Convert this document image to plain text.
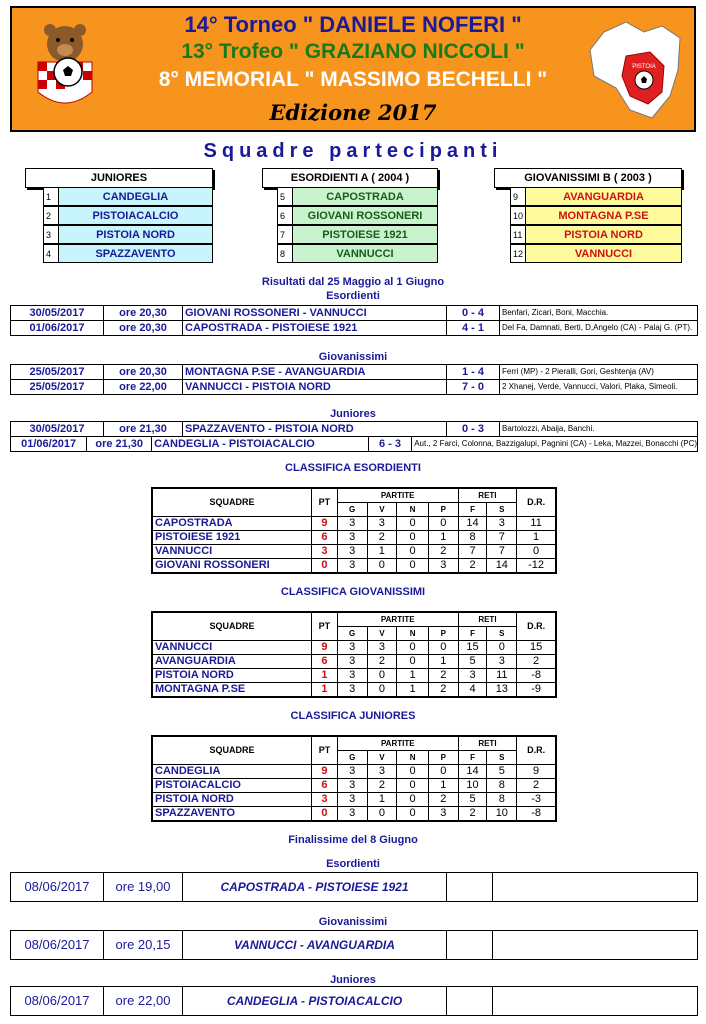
14° Torneo " DANIELE NOFERI "
13° Trofeo " GRAZIANO NICCOLI "
8° MEMORIAL " MASSIMO BECHELLI "
Edizione 2017
PISTOIA
Squadre partecipanti
JUNIORES	ESORDIENTI A ( 2004 )	GIOVANISSIMI B ( 2003 )
1	CANDEGLIA
2	PISTOIACALCIO
3	PISTOIA NORD
4	SPAZZAVENTO
5	CAPOSTRADA
6	GIOVANI ROSSONERI
7	PISTOIESE 1921
8	VANNUCCI
9	AVANGUARDIA
10	MONTAGNA P.SE
11	PISTOIA NORD
12	VANNUCCI
Risultati dal 25 Maggio al 1 Giugno
Esordienti
Giovanissimi
Juniores
30/05/2017	ore 20,30	GIOVANI ROSSONERI - VANNUCCI	0 - 4	Benfari, Zicari, Boni, Macchia.
01/06/2017	ore 20,30	CAPOSTRADA - PISTOIESE 1921	4 - 1	Del Fa, Damnati, Berti, D,Angelo (CA) - Palaj G. (PT).
25/05/2017	ore 20,30	MONTAGNA P.SE - AVANGUARDIA	1 - 4	Ferri (MP) - 2 Pieralli, Gori, Geshtenja (AV)
25/05/2017	ore 22,00	VANNUCCI - PISTOIA NORD	7 - 0	2 Xhanej, Verde, Vannucci, Valori, Plaka, Simeoli.
30/05/2017	ore 21,30	SPAZZAVENTO - PISTOIA NORD	0 - 3	Bartolozzi, Abaija, Banchi.
01/06/2017	ore 21,30	CANDEGLIA - PISTOIACALCIO	6 - 3	Aut., 2 Farci, Colonna, Bazzigalupi, Pagnini (CA) - Leka, Mazzei, Bonacchi (PC)
CLASSIFICA ESORDIENTI
CLASSIFICA GIOVANISSIMI
CLASSIFICA JUNIORES
SQUADRE	PT	PARTITE				RETI		D.R.
		G	V	N	P	F	S	
CAPOSTRADA	9	3	3	0	0	14	3	11
PISTOIESE 1921	6	3	2	0	1	8	7	1
VANNUCCI	3	3	1	0	2	7	7	0
GIOVANI ROSSONERI	0	3	0	0	3	2	14	-12
SQUADRE	PT	PARTITE				RETI		D.R.
		G	V	N	P	F	S	
VANNUCCI	9	3	3	0	0	15	0	15
AVANGUARDIA	6	3	2	0	1	5	3	2
PISTOIA NORD	1	3	0	1	2	3	11	-8
MONTAGNA P.SE	1	3	0	1	2	4	13	-9
SQUADRE	PT	PARTITE				RETI		D.R.
		G	V	N	P	F	S	
CANDEGLIA	9	3	3	0	0	14	5	9
PISTOIACALCIO	6	3	2	0	1	10	8	2
PISTOIA NORD	3	3	1	0	2	5	8	-3
SPAZZAVENTO	0	3	0	0	3	2	10	-8
Finalissime del 8 Giugno
Esordienti
Giovanissimi
Juniores
08/06/2017	ore 19,00	CAPOSTRADA - PISTOIESE 1921
08/06/2017	ore 20,15	VANNUCCI - AVANGUARDIA
08/06/2017	ore 22,00	CANDEGLIA - PISTOIACALCIO
